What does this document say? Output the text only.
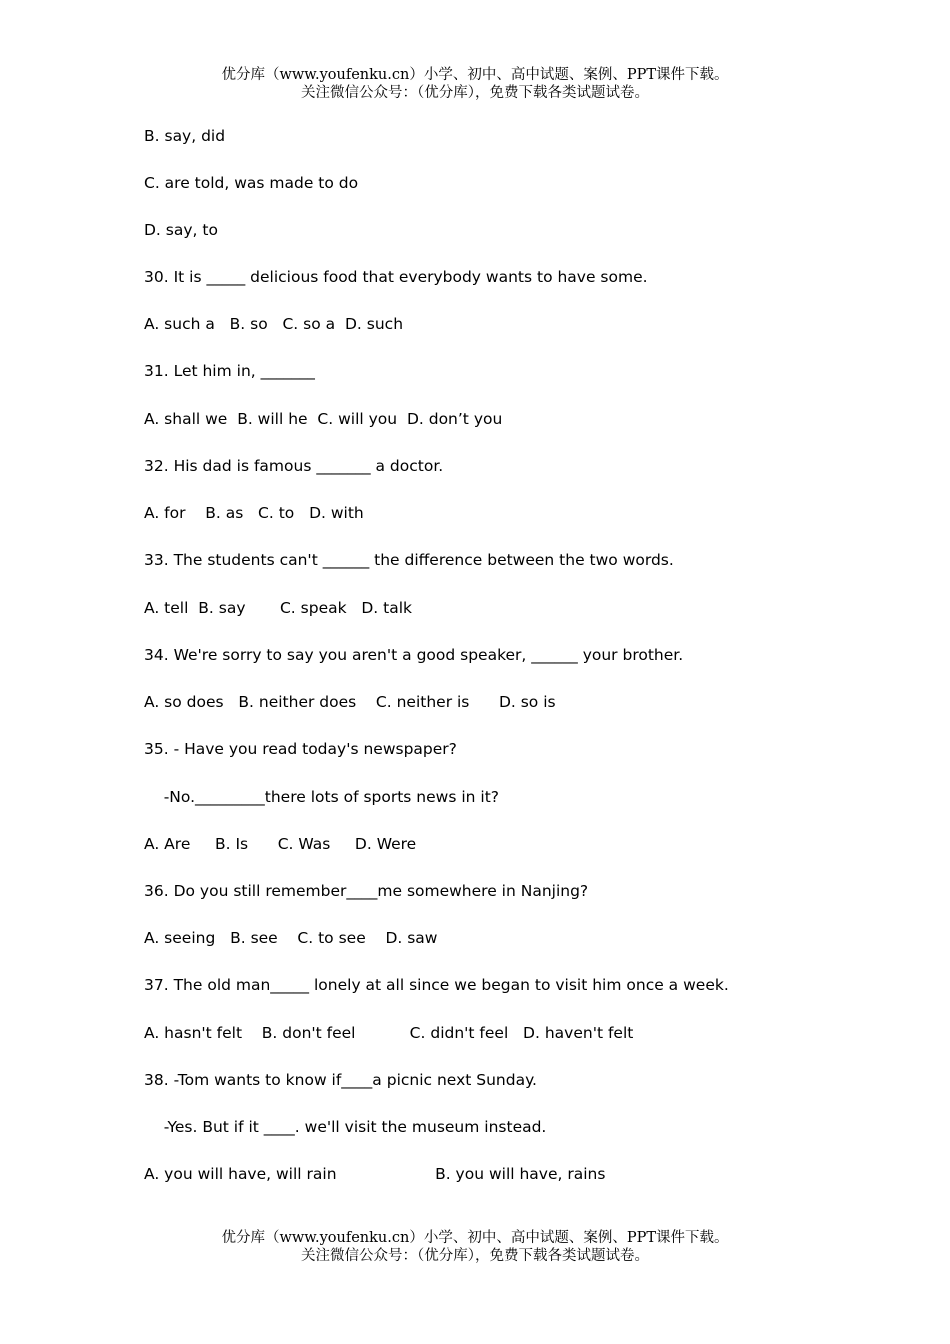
优分库（www.youfenku.cn）小学、初中、高中试题、案例、PPT课件下载。
关注微信公众号：（优分库），免费下载各类试题试卷。
B. say, did
C. are told, was made to do
D. say, to
30. It is _____ delicious food that everybody wants to have some.
A. such a   B. so   C. so a  D. such
31. Let him in, _______
A. shall we  B. will he  C. will you  D. don’t you
32. His dad is famous _______ a doctor.
A. for    B. as   C. to   D. with
33. The students can't ______ the difference between the two words.
A. tell  B. say       C. speak   D. talk
34. We're sorry to say you aren't a good speaker, ______ your brother.
A. so does   B. neither does    C. neither is      D. so is
35. - Have you read today's newspaper?
-No._________there lots of sports news in it?
A. Are     B. Is      C. Was     D. Were
36. Do you still remember____me somewhere in Nanjing?
A. seeing   B. see    C. to see    D. saw
37. The old man_____ lonely at all since we began to visit him once a week.
A. hasn't felt    B. don't feel           C. didn't feel   D. haven't felt
38. -Tom wants to know if____a picnic next Sunday.
-Yes. But if it ____. we'll visit the museum instead.
A. you will have, will rain                    B. you will have, rains
优分库（www.youfenku.cn）小学、初中、高中试题、案例、PPT课件下载。
关注微信公众号：（优分库），免费下载各类试题试卷。
